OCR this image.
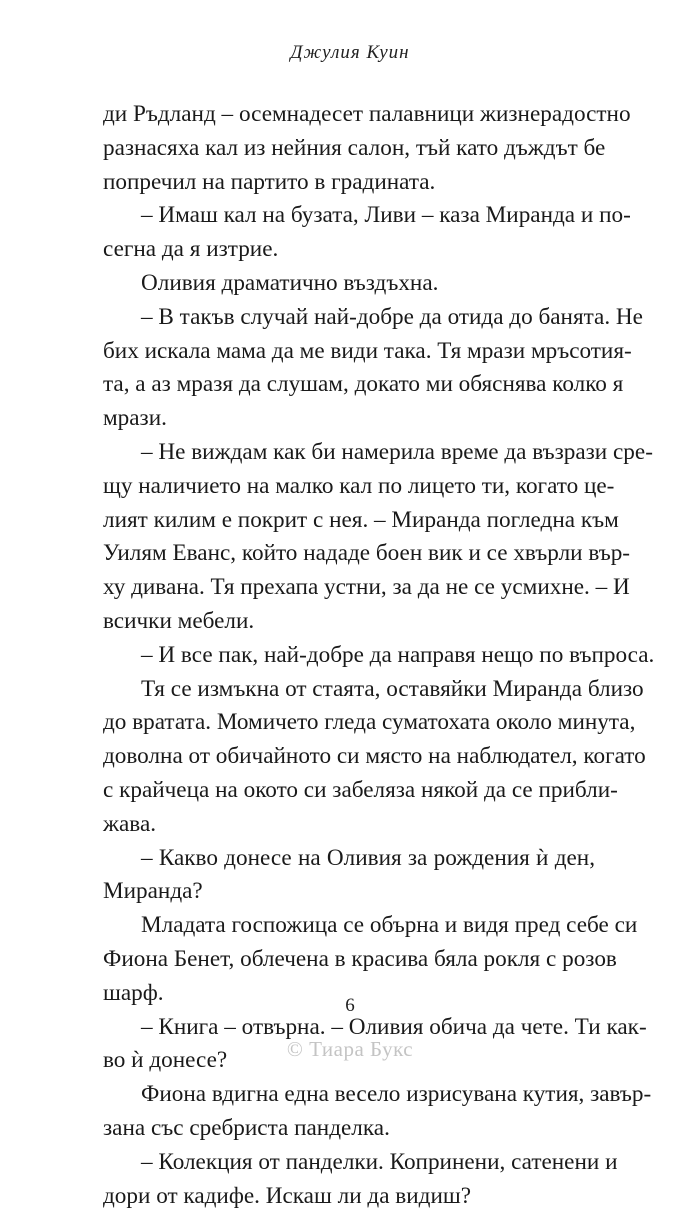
Джулия Куин
ди Ръдланд – осемнадесет палавници жизнерадостно
разнасяха кал из нейния салон, тъй като дъждът бе
попречил на партито в градината.
– Имаш кал на бузата, Ливи – каза Миранда и по-
сегна да я изтрие.
Оливия драматично въздъхна.
– В такъв случай най-добре да отида до банята. Не
бих искала мама да ме види така. Тя мрази мръсотия-
та, а аз мразя да слушам, докато ми обяснява колко я
мрази.
– Не виждам как би намерила време да възрази сре-
щу наличието на малко кал по лицето ти, когато це-
лият килим е покрит с нея. – Миранда погледна към
Уилям Еванс, който нададе боен вик и се хвърли вър-
ху дивана. Тя прехапа устни, за да не се усмихне. – И
всички мебели.
– И все пак, най-добре да направя нещо по въпроса.
Тя се измъкна от стаята, оставяйки Миранда близо
до вратата. Момичето гледа суматохата около минута,
доволна от обичайното си място на наблюдател, когато
с крайчеца на окото си забеляза някой да се прибли-
жава.
– Какво донесе на Оливия за рождения ѝ ден,
Миранда?
Младата госпожица се обърна и видя пред себе си
Фиона Бенет, облечена в красива бяла рокля с розов
шарф.
– Книга – отвърна. – Оливия обича да чете. Ти как-
во ѝ донесе?
Фиона вдигна една весело изрисувана кутия, завър-
зана със сребриста панделка.
– Колекция от панделки. Копринени, сатенени и
дори от кадифе. Искаш ли да видиш?
6
© Тиара Букс
